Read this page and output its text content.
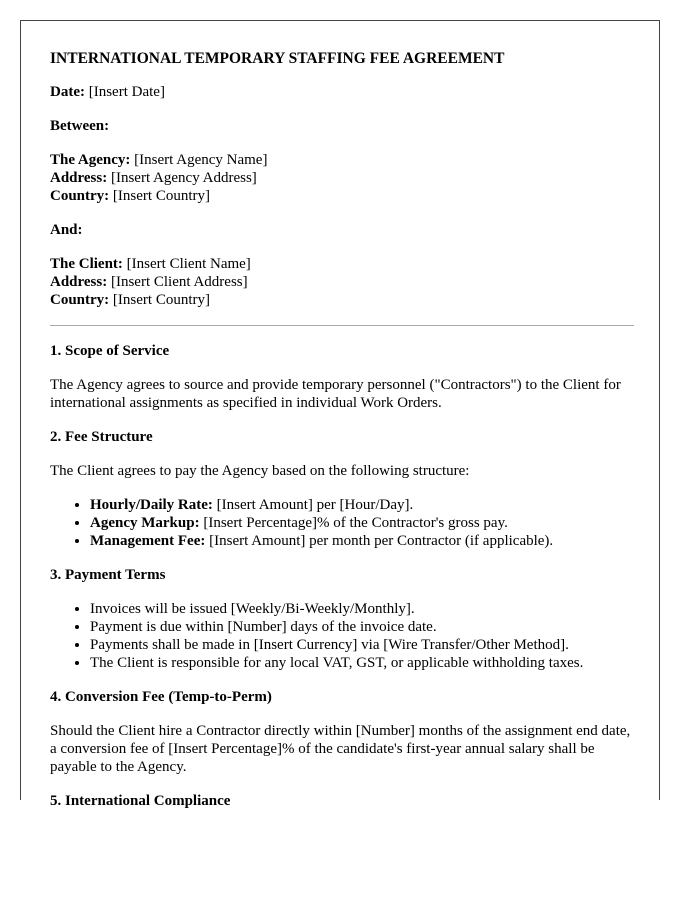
INTERNATIONAL TEMPORARY STAFFING FEE AGREEMENT

Date: [Insert Date]

Between:

The Agency: [Insert Agency Name]
Address: [Insert Agency Address]
Country: [Insert Country]

And:

The Client: [Insert Client Name]
Address: [Insert Client Address]
Country: [Insert Country]
1. Scope of Service

The Agency agrees to source and provide temporary personnel ("Contractors") to the Client for international assignments as specified in individual Work Orders.

2. Fee Structure

The Client agrees to pay the Agency based on the following structure:

• Hourly/Daily Rate: [Insert Amount] per [Hour/Day].
• Agency Markup: [Insert Percentage]% of the Contractor's gross pay.
• Management Fee: [Insert Amount] per month per Contractor (if applicable).
3. Payment Terms
• Invoices will be issued [Weekly/Bi-Weekly/Monthly].
• Payment is due within [Number] days of the invoice date.
• Payments shall be made in [Insert Currency] via [Wire Transfer/Other Method].
• The Client is responsible for any local VAT, GST, or applicable withholding taxes.
4. Conversion Fee (Temp-to-Perm)

Should the Client hire a Contractor directly within [Number] months of the assignment end date, a conversion fee of [Insert Percentage]% of the candidate's first-year annual salary shall be payable to the Agency.

5. International Compliance
